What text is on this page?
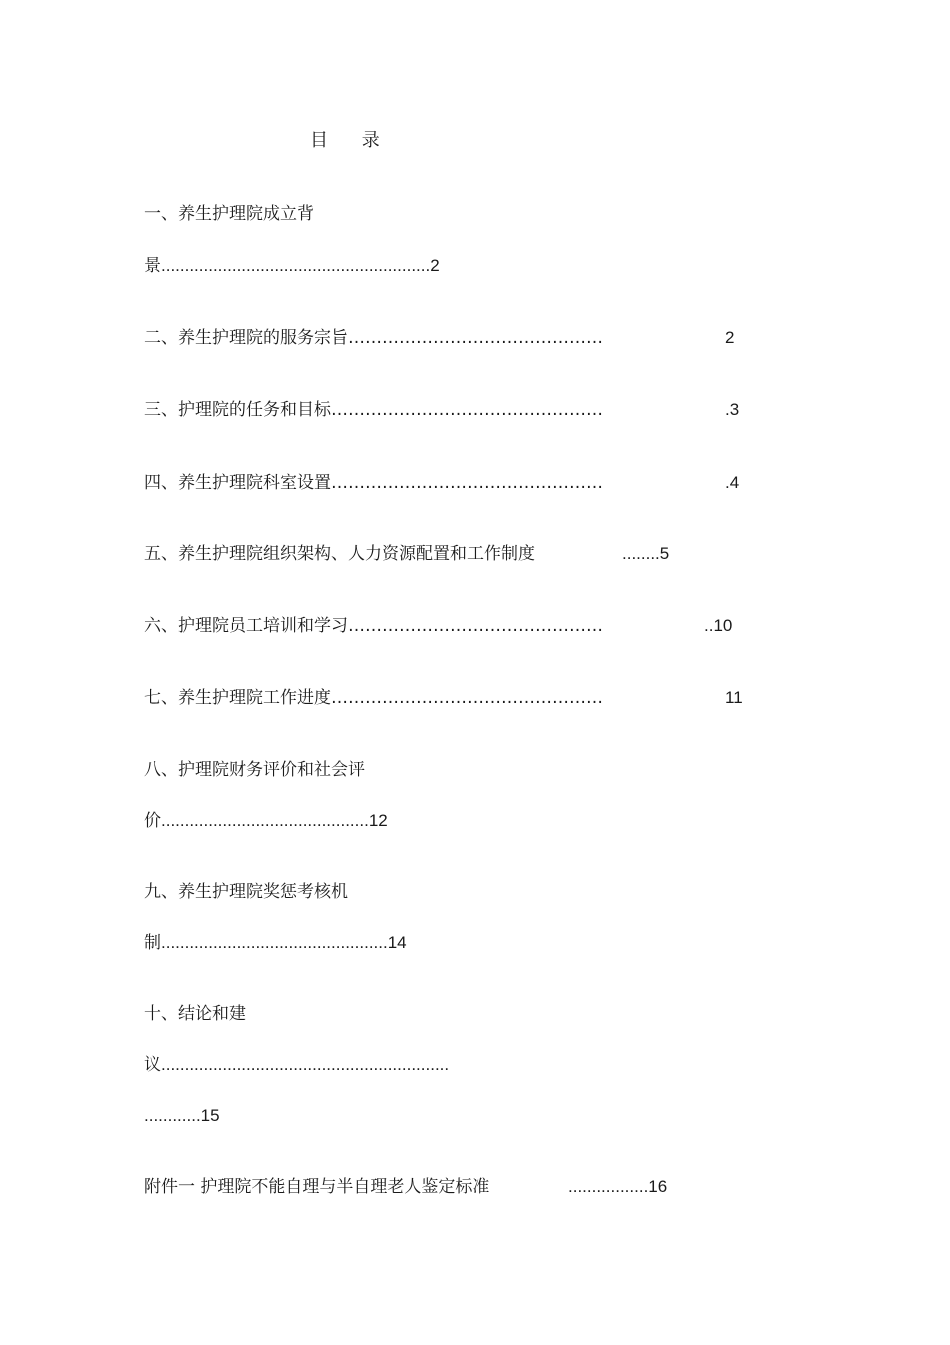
目 录
一、养生护理院成立背
景.........................................................2
二、养生护理院的服务宗旨………………………………………	2
三、护理院的任务和目标…………………………………………	.3
四、养生护理院科室设置…………………………………………	.4
五、养生护理院组织架构、人力资源配置和工作制度	........5
六、护理院员工培训和学习………………………………………	..10
七、养生护理院工作进度…………………………………………	11
八、护理院财务评价和社会评
价............................................12
九、养生护理院奖惩考核机
制................................................14
十、结论和建
议.............................................................
............15
附件一 护理院不能自理与半自理老人鉴定标准	.................16
